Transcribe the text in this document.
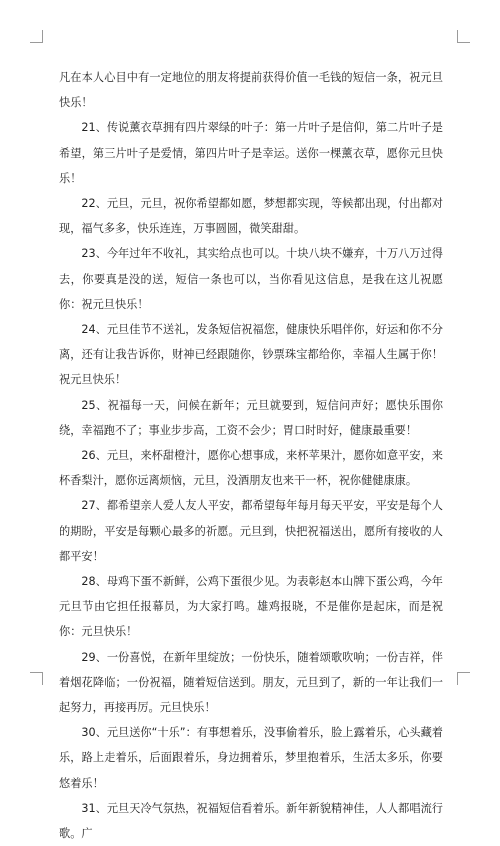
凡在本人心目中有一定地位的朋友将提前获得价值一毛钱的短信一条，祝元旦快乐！

21、传说薰衣草拥有四片翠绿的叶子：第一片叶子是信仰，第二片叶子是希望，第三片叶子是爱情，第四片叶子是幸运。送你一棵薰衣草，愿你元旦快乐！

22、元旦，元旦，祝你希望都如愿，梦想都实现，等候都出现，付出都对现，福气多多，快乐连连，万事圆圆，微笑甜甜。

23、今年过年不收礼，其实给点也可以。十块八块不嫌弃，十万八万过得去，你要真是没的送，短信一条也可以，当你看见这信息，是我在这儿祝愿你：祝元旦快乐！

24、元旦佳节不送礼，发条短信祝福您，健康快乐唱伴你，好运和你不分离，还有让我告诉你，财神已经跟随你，钞票珠宝都给你，幸福人生属于你！祝元旦快乐！

25、祝福每一天，问候在新年；元旦就要到，短信问声好；愿快乐围你绕，幸福跑不了；事业步步高，工资不会少；胃口时时好，健康最重要！

26、元旦，来杯甜橙汁，愿你心想事成，来杯苹果汁，愿你如意平安，来杯香梨汁，愿你远离烦恼，元旦，没酒朋友也来干一杯，祝你健健康康。

27、都希望亲人爱人友人平安，都希望每年每月每天平安，平安是每个人的期盼，平安是每颗心最多的祈愿。元旦到，快把祝福送出，愿所有接收的人都平安！

28、母鸡下蛋不新鲜，公鸡下蛋很少见。为表彰赵本山牌下蛋公鸡，今年元旦节由它担任报幕员，为大家打鸣。雄鸡报晓，不是催你是起床，而是祝你：元旦快乐！

29、一份喜悦，在新年里绽放；一份快乐，随着颂歌吹响；一份吉祥，伴着烟花降临；一份祝福，随着短信送到。朋友，元旦到了，新的一年让我们一起努力，再接再厉。元旦快乐！

30、元旦送你“十乐”：有事想着乐，没事偷着乐，脸上露着乐，心头藏着乐，路上走着乐，后面跟着乐，身边拥着乐，梦里抱着乐，生活太多乐，你要悠着乐！

31、元旦天冷气氛热，祝福短信看着乐。新年新貌精神佳，人人都唱流行歌。广
